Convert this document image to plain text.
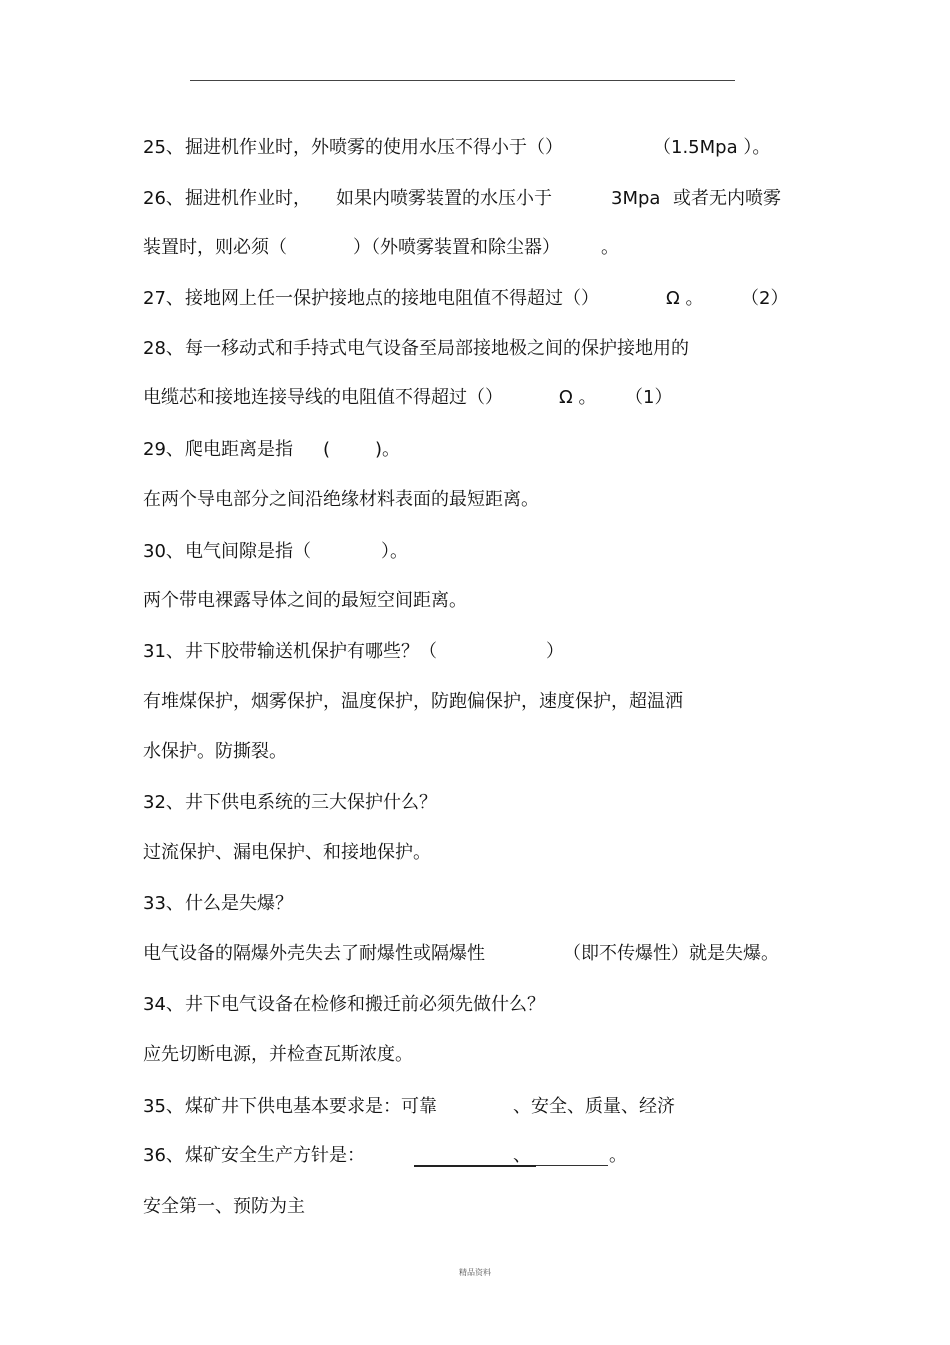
25、 掘进机作业时，外喷雾的使用水压不得小于（）	（1.5Mpa ）。
26、 掘进机作业时， 如果内喷雾装置的水压小于	3Mpa 或者无内喷雾
装置时，则必须（	）（外喷雾装置和除尘器） 。
27、 接地网上任一保护接地点的接地电阻值不得超过（）	Ω 。 （2）
28、 每一移动式和手持式电气设备至局部接地极之间的保护接地用的
电缆芯和接地连接导线的电阻值不得超过（）	Ω 。 （1）
29、 爬电距离是指 ( )。
在两个导电部分之间沿绝缘材料表面的最短距离。
30、 电气间隙是指（	）。
两个带电裸露导体之间的最短空间距离。
31、 井下胶带输送机保护有哪些？（	）
有堆煤保护，烟雾保护，温度保护，防跑偏保护，速度保护，超温洒
水保护。防撕裂。
32、 井下供电系统的三大保护什么？
过流保护、漏电保护、和接地保护。
33、 什么是失爆？
电气设备的隔爆外壳失去了耐爆性或隔爆性	（即不传爆性）就是失爆。
34、 井下电气设备在检修和搬迁前必须先做什么？
应先切断电源，并检查瓦斯浓度。
35、 煤矿井下供电基本要求是：可靠	、安全、质量、经济
36、 煤矿安全生产方针是：	、	。
安全第一、预防为主
精品资料
